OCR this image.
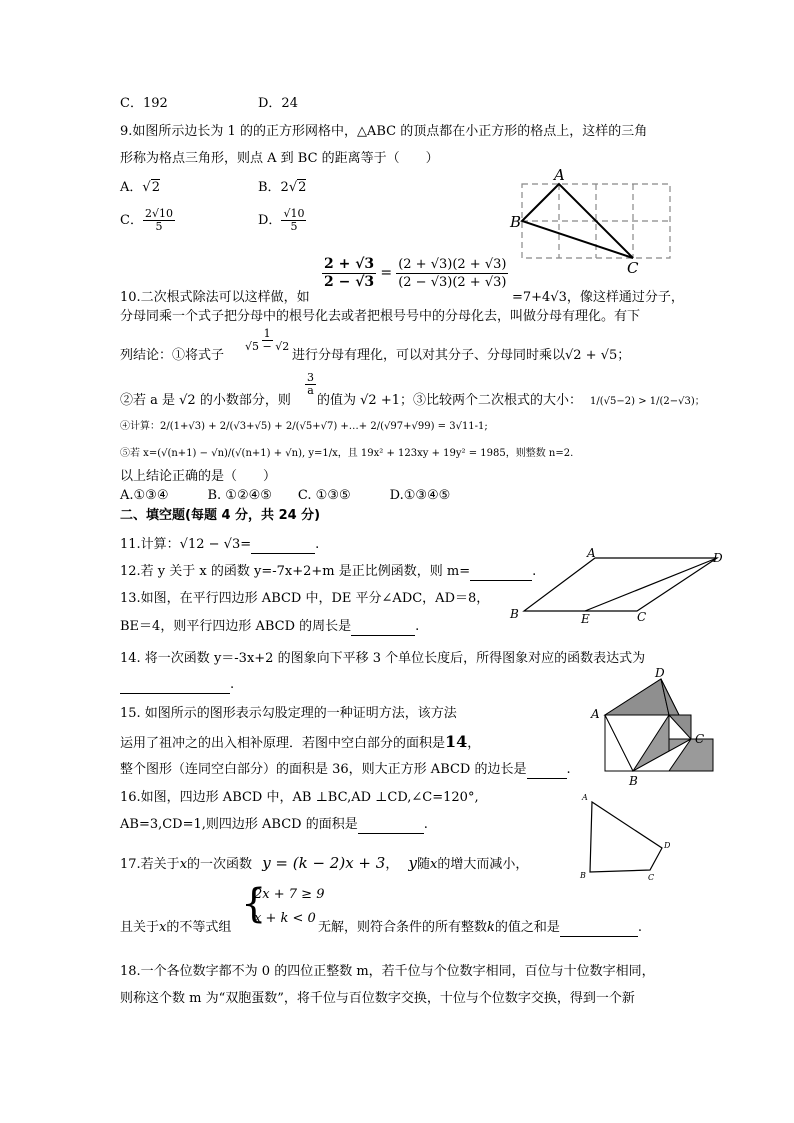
C．192	D．24
9.如图所示边长为 1 的的正方形网格中，△ABC 的顶点都在小正方形的格点上，这样的三角
形称为格点三角形，则点 A 到 BC 的距离等于（　　）
A．√2	B．2√2
C． $\frac{2√10}{5}$	D． $\frac{√10}{5}$
A
B
C
$\frac{2 + √3}{2 - √3} = \frac{(2 + √3)(2 + √3)}{(2 - √3)(2 + √3)}$
10.二次根式除法可以这样做，如	=7+4√3，像这样通过分子，
分母同乘一个式子把分母中的根号化去或者把根号号中的分母化去，叫做分母有理化。有下
列结论：①将式子
$\frac{1}{√5 - √2}$
进行分母有理化，可以对其分子、分母同时乘以√2 + √5；
②若 a 是 √2 的小数部分，则
$\frac{3}{a}$
的值为 √2 +1；③比较两个二次根式的大小： 1/(√5−2) > 1/(2−√3)；
④计算：2/(1+√3) + 2/(√3+√5) + 2/(√5+√7) +…+ 2/(√97+√99) = 3√11-1;
⑤若 x=(√(n+1) − √n)/(√(n+1) + √n), y=1/x，且 19x² + 123xy + 19y² = 1985，则整数 n=2.
以上结论正确的是（　　）
A.①③④　　　B. ①②④⑤　　C. ①③⑤　　　D.①③④⑤
二、填空题(每题 4 分，共 24 分)
11.计算：√12 − √3=	.
12.若 y 关于 x 的函数 y=-7x+2+m 是正比例函数，则 m=	.
13.如图，在平行四边形 ABCD 中，DE 平分∠ADC，AD＝8，
BE＝4，则平行四边形 ABCD 的周长是	.
A	D
B	E	C
14. 将一次函数 y＝-3x+2 的图象向下平移 3 个单位长度后，所得图象对应的函数表达式为
.
15. 如图所示的图形表示勾股定理的一种证明方法，该方法
运用了祖冲之的出入相补原理．若图中空白部分的面积是14，
整个图形（连同空白部分）的面积是 36，则大正方形 ABCD 的边长是	.
A
D
C
B
16.如图，四边形 ABCD 中，AB ⊥BC,AD ⊥CD,∠C=120°,
AB=3,CD=1,则四边形 ABCD 的面积是	.
A
B	C
D
17.若关于x的一次函数 y = (k − 2)x + 3， y随x的增大而减小，
{
2x + 7 ≥ 9
x + k < 0
且关于x的不等式组	无解，则符合条件的所有整数k的值之和是	.
18.一个各位数字都不为 0 的四位正整数 m，若千位与个位数字相同，百位与十位数字相同，
则称这个数 m 为“双胞蛋数”，将千位与百位数字交换，十位与个位数字交换，得到一个新
